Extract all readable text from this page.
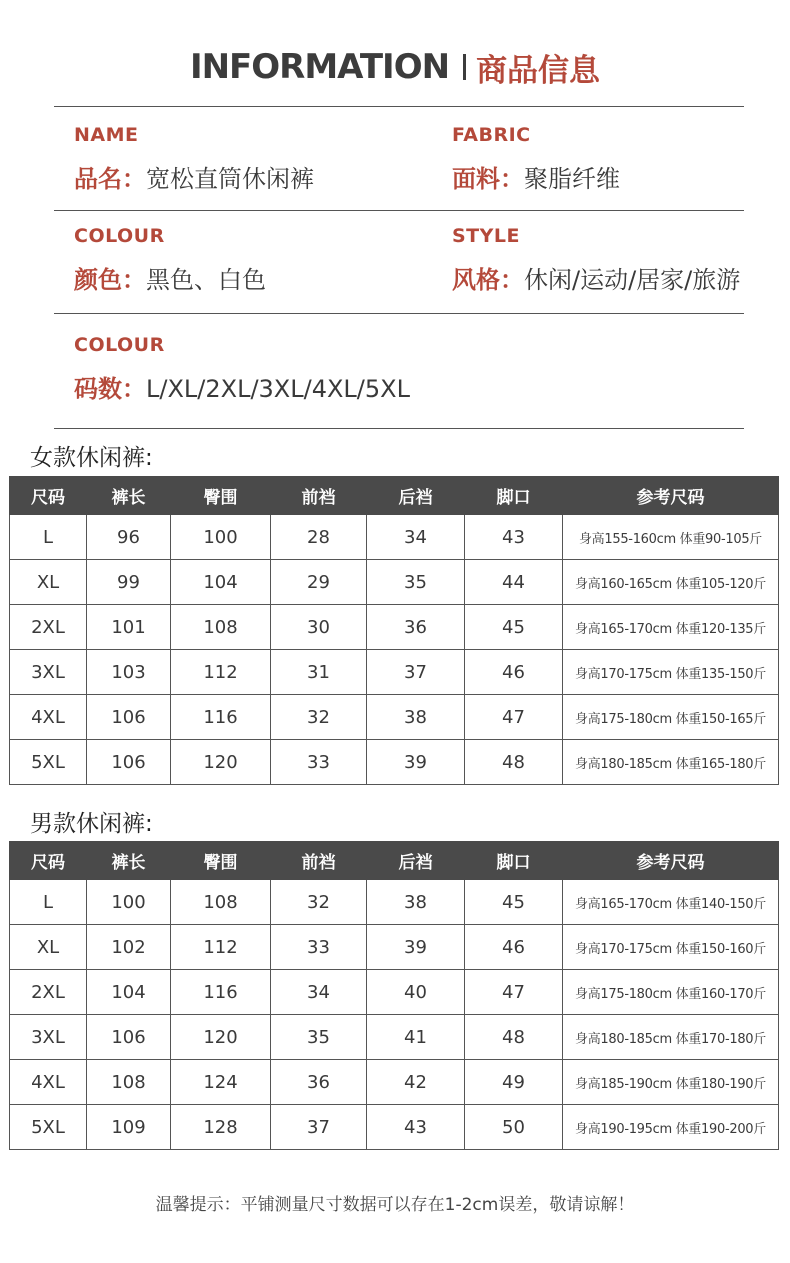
INFORMATION 商品信息
NAME
品名：宽松直筒休闲裤
FABRIC
面料：聚脂纤维
COLOUR
颜色：黑色、白色
STYLE
风格：休闲/运动/居家/旅游
COLOUR
码数：L/XL/2XL/3XL/4XL/5XL
女款休闲裤:
尺码	裤长	臀围	前裆	后裆	脚口	参考尺码
L	96	100	28	34	43	身高155-160cm 体重90-105斤
XL	99	104	29	35	44	身高160-165cm 体重105-120斤
2XL	101	108	30	36	45	身高165-170cm 体重120-135斤
3XL	103	112	31	37	46	身高170-175cm 体重135-150斤
4XL	106	116	32	38	47	身高175-180cm 体重150-165斤
5XL	106	120	33	39	48	身高180-185cm 体重165-180斤
男款休闲裤:
尺码	裤长	臀围	前裆	后裆	脚口	参考尺码
L	100	108	32	38	45	身高165-170cm 体重140-150斤
XL	102	112	33	39	46	身高170-175cm 体重150-160斤
2XL	104	116	34	40	47	身高175-180cm 体重160-170斤
3XL	106	120	35	41	48	身高180-185cm 体重170-180斤
4XL	108	124	36	42	49	身高185-190cm 体重180-190斤
5XL	109	128	37	43	50	身高190-195cm 体重190-200斤
温馨提示：平铺测量尺寸数据可以存在1-2cm误差，敬请谅解！
